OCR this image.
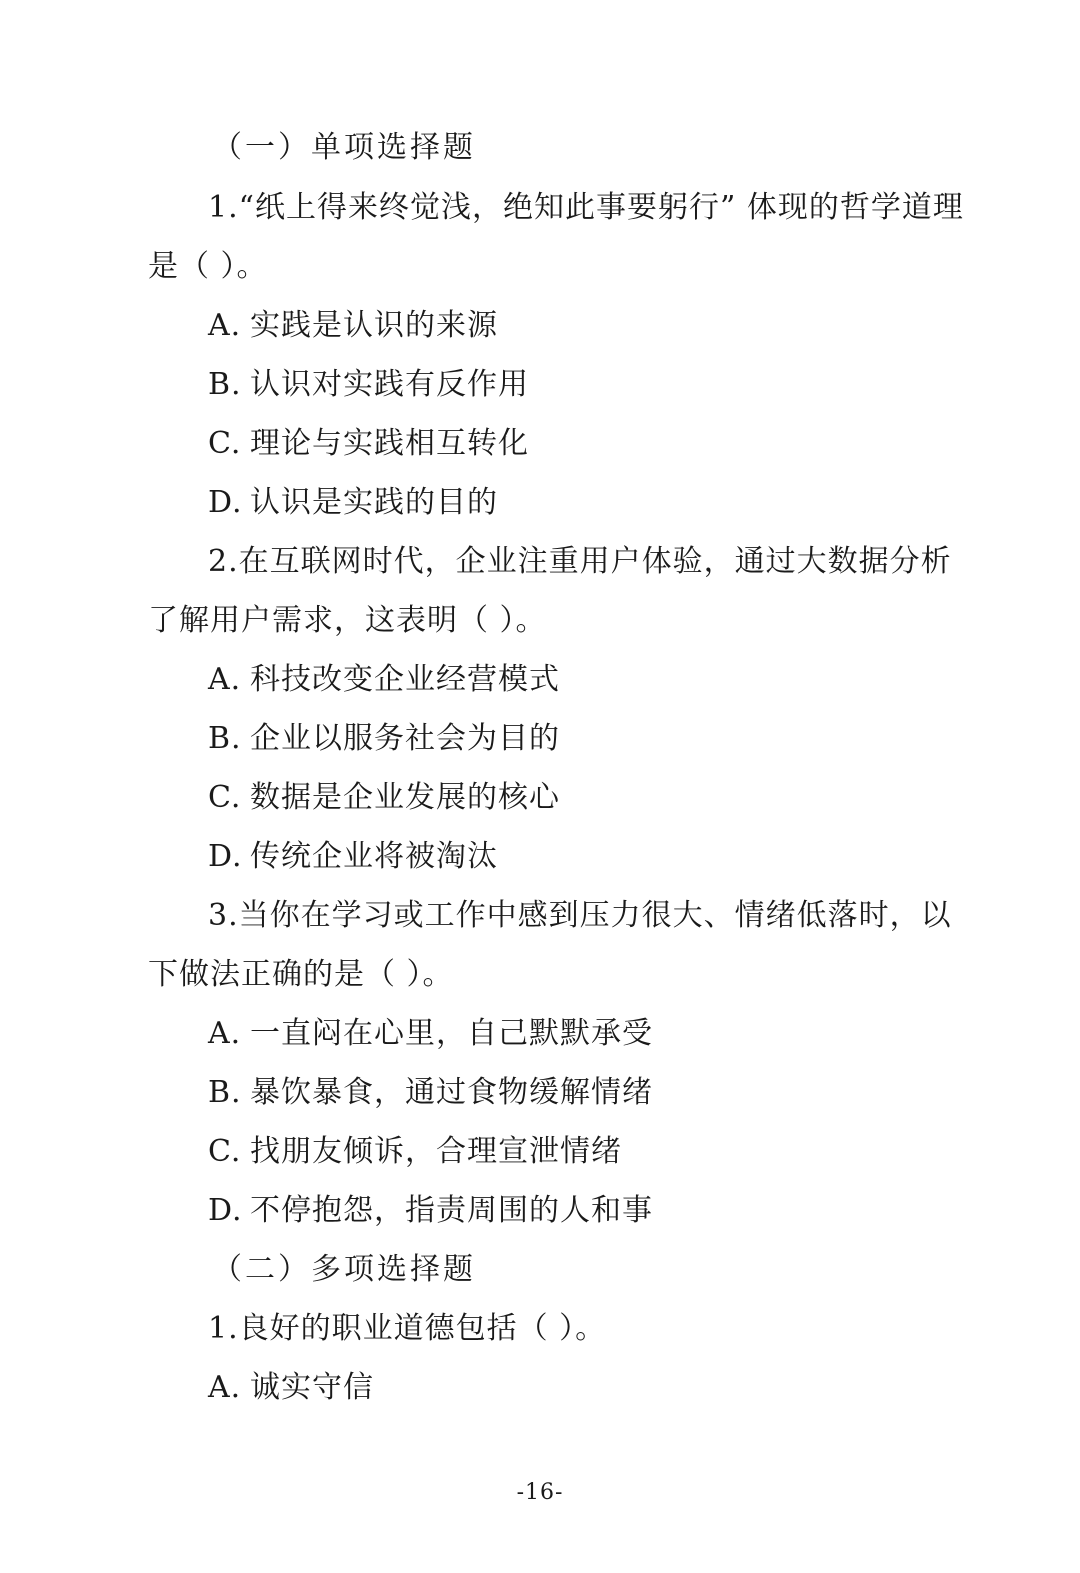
（一）单项选择题
1.“纸上得来终觉浅，绝知此事要躬行” 体现的哲学道理
是（ ）。
A. 实践是认识的来源
B. 认识对实践有反作用
C. 理论与实践相互转化
D. 认识是实践的目的
2.在互联网时代，企业注重用户体验，通过大数据分析
了解用户需求，这表明（ ）。
A. 科技改变企业经营模式
B. 企业以服务社会为目的
C. 数据是企业发展的核心
D. 传统企业将被淘汰
3.当你在学习或工作中感到压力很大、情绪低落时，以
下做法正确的是（ ）。
A. 一直闷在心里，自己默默承受
B. 暴饮暴食，通过食物缓解情绪
C. 找朋友倾诉，合理宣泄情绪
D. 不停抱怨，指责周围的人和事
（二）多项选择题
1.良好的职业道德包括（ ）。
A. 诚实守信
-16-
